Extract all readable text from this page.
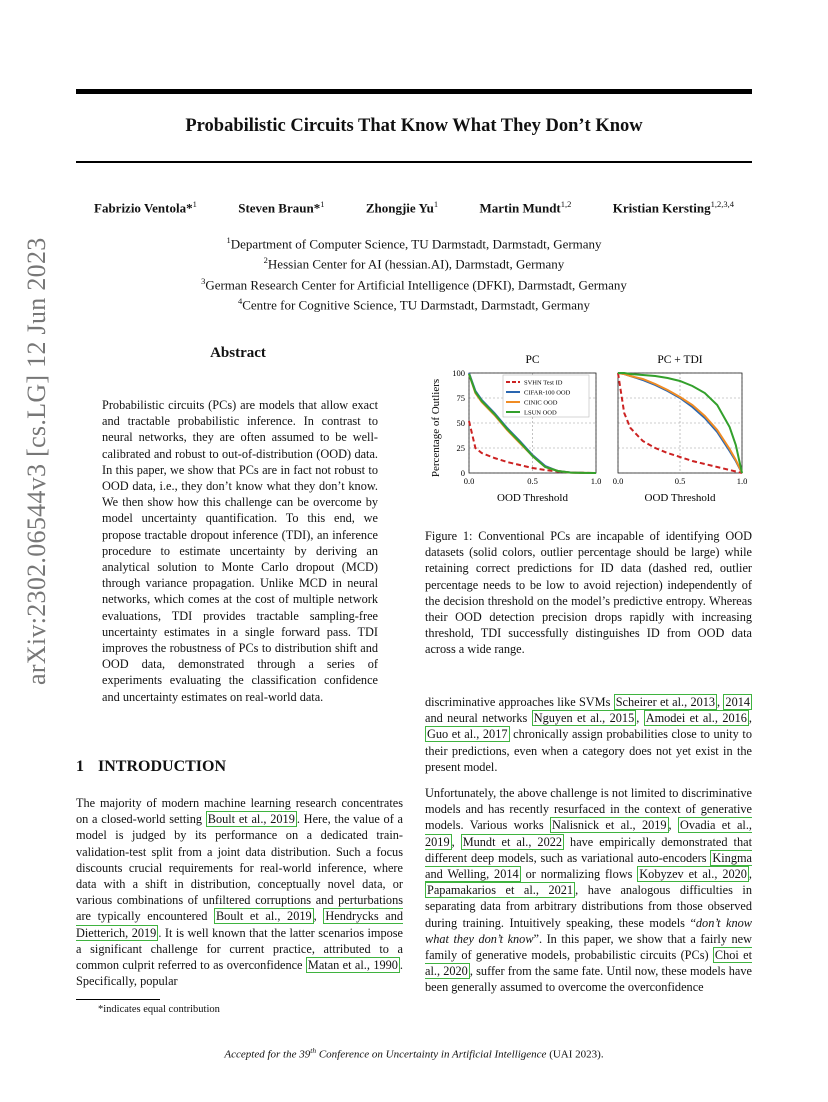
Probabilistic Circuits That Know What They Don’t Know
Fabrizio Ventola*$^1$	Steven Braun*$^1$	Zhongjie Yu$^1$	Martin Mundt$^{1,2}$	Kristian Kersting$^{1,2,3,4}$
$^1$Department of Computer Science, TU Darmstadt, Darmstadt, Germany
$^2$Hessian Center for AI (hessian.AI), Darmstadt, Germany
$^3$German Research Center for Artificial Intelligence (DFKI), Darmstadt, Germany
$^4$Centre for Cognitive Science, TU Darmstadt, Darmstadt, Germany
arXiv:2302.06544v3 [cs.LG] 12 Jun 2023	Abstract
Probabilistic circuits (PCs) are models that allow exact and tractable probabilistic inference. In contrast to neural networks, they are often assumed to be well-calibrated and robust to out-of-distribution (OOD) data. In this paper, we show that PCs are in fact not robust to OOD data, i.e., they don’t know what they don’t know. We then show how this challenge can be overcome by model uncertainty quantification. To this end, we propose tractable dropout inference (TDI), an inference procedure to estimate uncertainty by deriving an analytical solution to Monte Carlo dropout (MCD) through variance propagation. Unlike MCD in neural networks, which comes at the cost of multiple network evaluations, TDI provides tractable sampling-free uncertainty estimates in a single forward pass. TDI improves the robustness of PCs to distribution shift and OOD data, demonstrated through a series of experiments evaluating the classification confidence and uncertainty estimates on real-world data.
1 INTRODUCTION
The majority of modern machine learning research concentrates on a closed-world setting Boult et al., 2019 . Here, the value of a model is judged by its performance on a dedicated train-validation-test split from a joint data distribution. Such a focus discounts crucial requirements for real-world inference, where data with a shift in distribution, conceptually novel data, or various combinations of unfiltered corruptions and perturbations are typically encountered Boult et al., 2019 , Hendrycks and Dietterich, 2019 . It is well known that the latter scenarios impose a significant challenge for current practice, attributed to a common culprit referred to as overconfidence Matan et al., 1990 . Specifically, popular
discriminative approaches like SVMs Scheirer et al., 2013 , 2014 and neural networks Nguyen et al., 2015 , Amodei et al., 2016 , Guo et al., 2017 chronically assign probabilities close to unity to their predictions, even when a category does not yet exist in the present model.
Unfortunately, the above challenge is not limited to discriminative models and has recently resurfaced in the context of generative models. Various works Nalisnick et al., 2019 , Ovadia et al., 2019 , Mundt et al., 2022 have empirically demonstrated that different deep models, such as variational auto-encoders Kingma and Welling, 2014 or normalizing flows Kobyzev et al., 2020 , Papamakarios et al., 2021 , have analogous difficulties in separating data from arbitrary distributions from those observed during training. Intuitively speaking, these models “don’t know what they don’t know”. In this paper, we show that a fairly new family of generative models, probabilistic circuits (PCs) Choi et al., 2020 , suffer from the same fate. Until now, these models have been generally assumed to overcome the overconfidence
PC
0.0	0.5	1.0
OOD Threshold
0
25
50
75
100
Percentage of Outliers	SVHN Test ID
CIFAR-100 OOD
CINIC OOD
LSUN OOD
PC + TDI
0.0	0.5	1.0
OOD Threshold
Figure 1: Conventional PCs are incapable of identifying OOD datasets (solid colors, outlier percentage should be large) while retaining correct predictions for ID data (dashed red, outlier percentage needs to be low to avoid rejection) independently of the decision threshold on the model’s predictive entropy. Whereas their OOD detection precision drops rapidly with increasing threshold, TDI successfully distinguishes ID from OOD data across a wide range.
*indicates equal contribution
Accepted for the 39th Conference on Uncertainty in Artificial Intelligence (UAI 2023).
